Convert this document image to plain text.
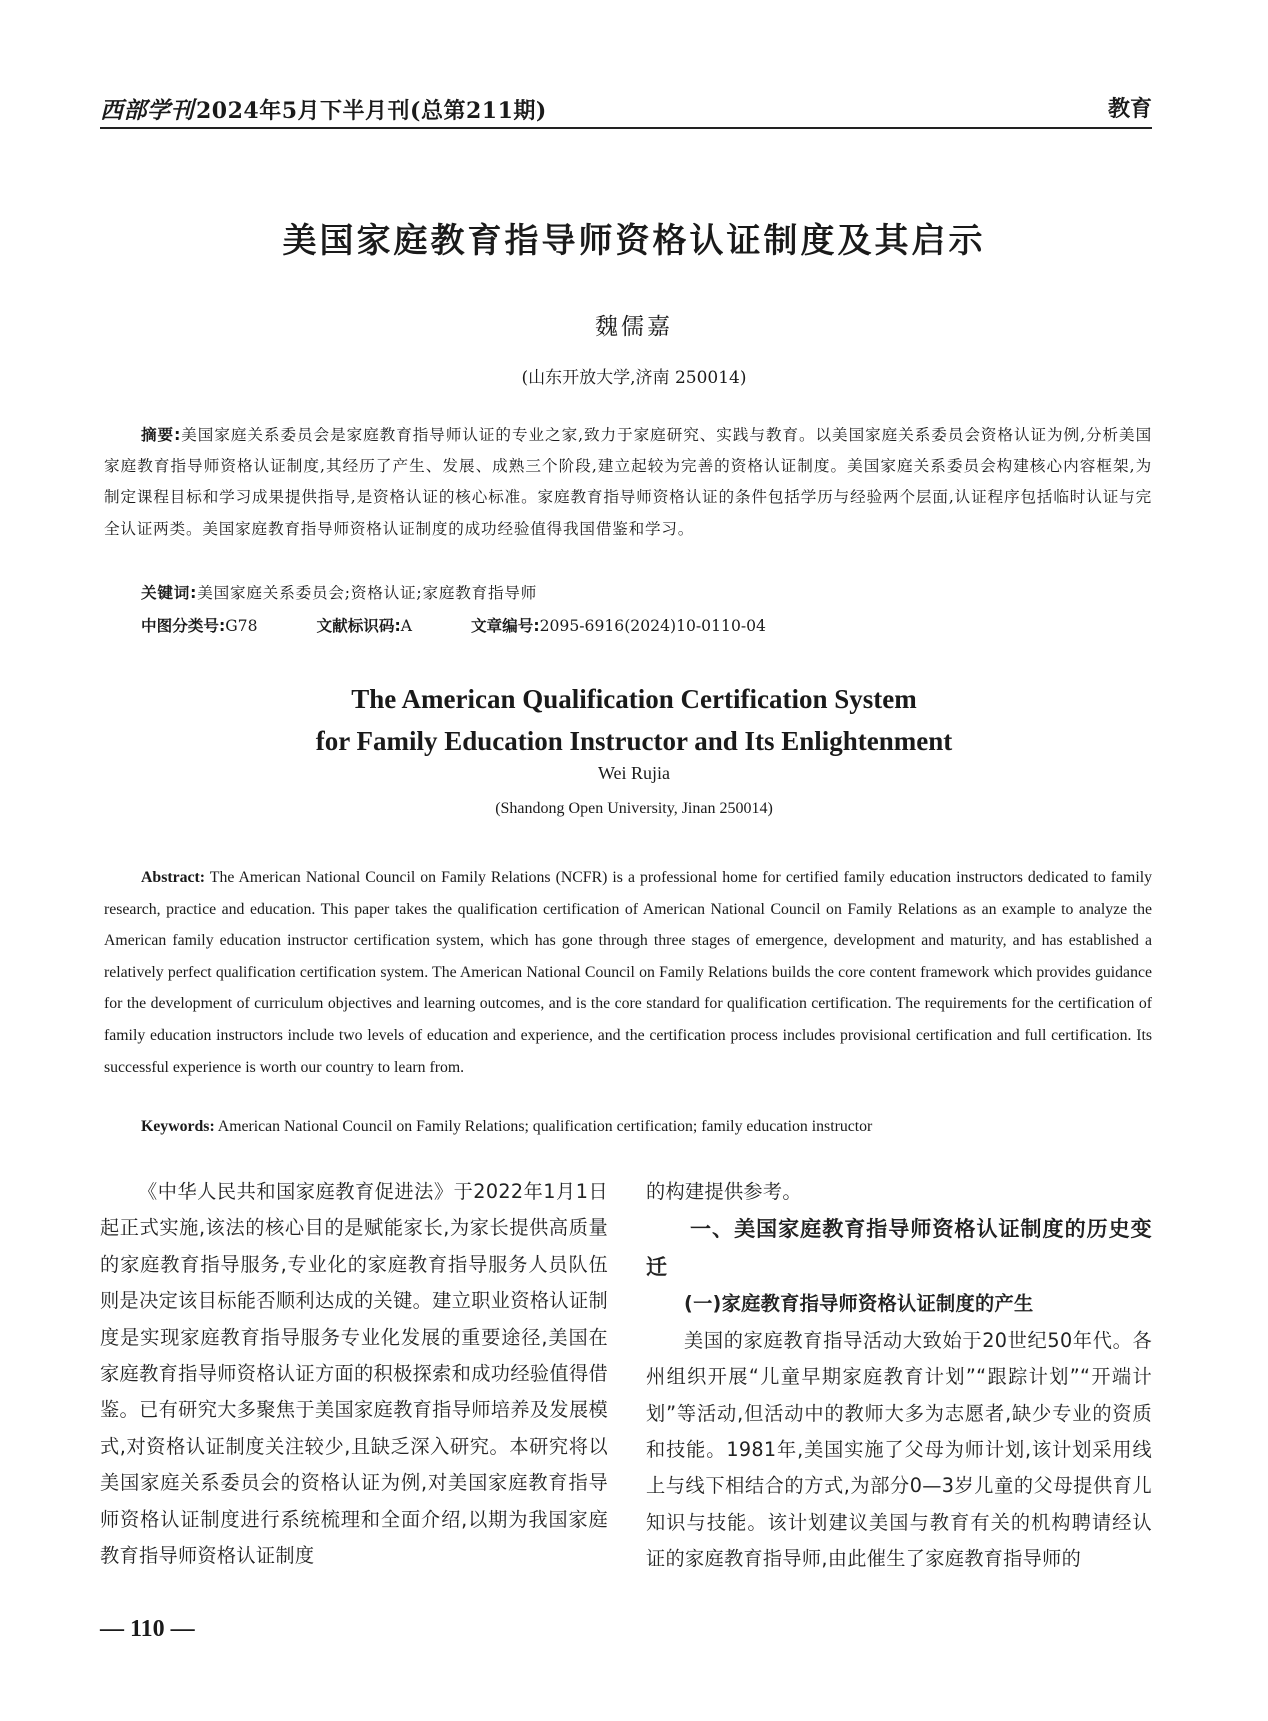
西部学刊2024年5月下半月刊(总第211期)	教育
美国家庭教育指导师资格认证制度及其启示
魏儒嘉
(山东开放大学,济南 250014)
摘要:美国家庭关系委员会是家庭教育指导师认证的专业之家,致力于家庭研究、实践与教育。以美国家庭关系委员会资格认证为例,分析美国家庭教育指导师资格认证制度,其经历了产生、发展、成熟三个阶段,建立起较为完善的资格认证制度。美国家庭关系委员会构建核心内容框架,为制定课程目标和学习成果提供指导,是资格认证的核心标准。家庭教育指导师资格认证的条件包括学历与经验两个层面,认证程序包括临时认证与完全认证两类。美国家庭教育指导师资格认证制度的成功经验值得我国借鉴和学习。
关键词:美国家庭关系委员会;资格认证;家庭教育指导师
中图分类号:G78	文献标识码:A	文章编号:2095-6916(2024)10-0110-04
The American Qualification Certification System
for Family Education Instructor and Its Enlightenment
Wei Rujia
(Shandong Open University, Jinan 250014)
Abstract: The American National Council on Family Relations (NCFR) is a professional home for certified family education instructors dedicated to family research, practice and education. This paper takes the qualification certification of American National Council on Family Relations as an example to analyze the American family education instructor certification system, which has gone through three stages of emergence, development and maturity, and has established a relatively perfect qualification certification system. The American National Council on Family Relations builds the core content framework which provides guidance for the development of curriculum objectives and learning outcomes, and is the core standard for qualification certification. The requirements for the certification of family education instructors include two levels of education and experience, and the certification process includes provisional certification and full certification. Its successful experience is worth our country to learn from.
Keywords: American National Council on Family Relations; qualification certification; family education instructor

《中华人民共和国家庭教育促进法》于2022年1月1日起正式实施,该法的核心目的是赋能家长,为家长提供高质量的家庭教育指导服务,专业化的家庭教育指导服务人员队伍则是决定该目标能否顺利达成的关键。建立职业资格认证制度是实现家庭教育指导服务专业化发展的重要途径,美国在家庭教育指导师资格认证方面的积极探索和成功经验值得借鉴。已有研究大多聚焦于美国家庭教育指导师培养及发展模式,对资格认证制度关注较少,且缺乏深入研究。本研究将以美国家庭关系委员会的资格认证为例,对美国家庭教育指导师资格认证制度进行系统梳理和全面介绍,以期为我国家庭教育指导师资格认证制度

的构建提供参考。

一、美国家庭教育指导师资格认证制度的历史变迁

(一)家庭教育指导师资格认证制度的产生

美国的家庭教育指导活动大致始于20世纪50年代。各州组织开展“儿童早期家庭教育计划”“跟踪计划”“开端计划”等活动,但活动中的教师大多为志愿者,缺少专业的资质和技能。1981年,美国实施了父母为师计划,该计划采用线上与线下相结合的方式,为部分0—3岁儿童的父母提供育儿知识与技能。该计划建议美国与教育有关的机构聘请经认证的家庭教育指导师,由此催生了家庭教育指导师的

— 110 —
